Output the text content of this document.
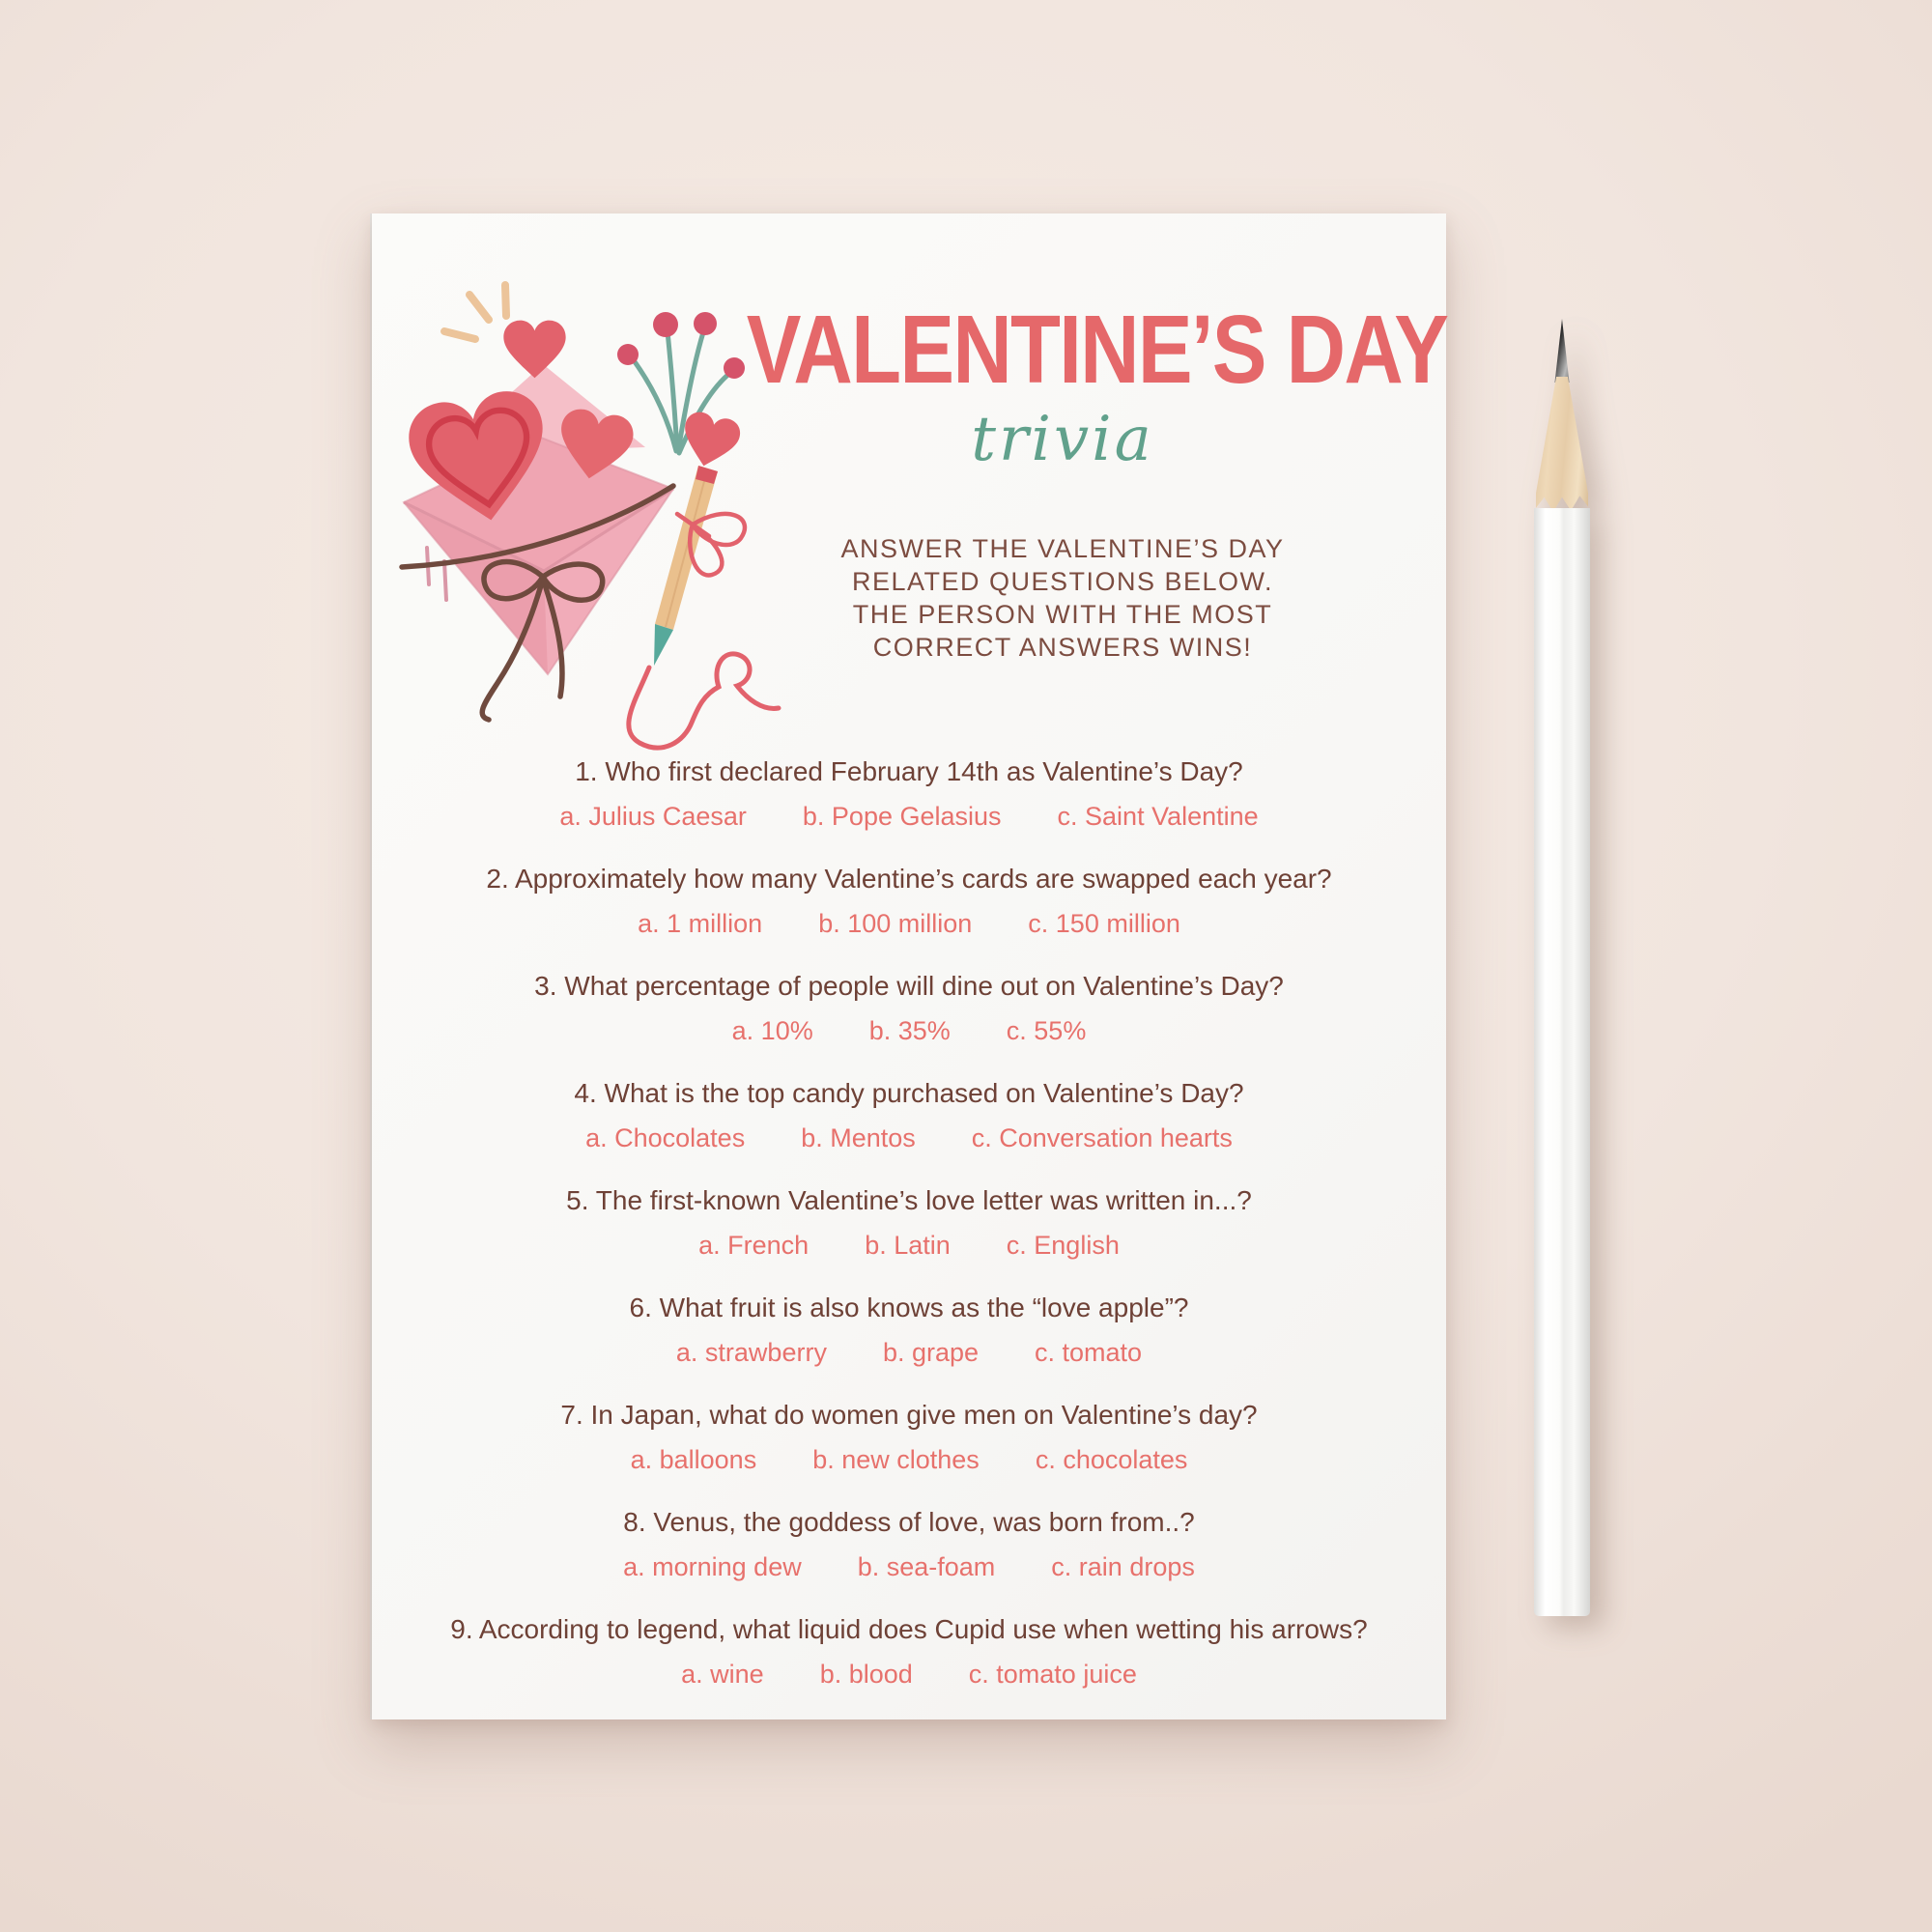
VALENTINE’S DAY
trivia
ANSWER THE VALENTINE’S DAY
RELATED QUESTIONS BELOW.
THE PERSON WITH THE MOST
CORRECT ANSWERS WINS!
1. Who first declared February 14th as Valentine’s Day?
a. Julius Caesar b. Pope Gelasius c. Saint Valentine
2. Approximately how many Valentine’s cards are swapped each year?
a. 1 million b. 100 million c. 150 million
3. What percentage of people will dine out on Valentine’s Day?
a. 10% b. 35% c. 55%
4. What is the top candy purchased on Valentine’s Day?
a. Chocolates b. Mentos c. Conversation hearts
5. The first-known Valentine’s love letter was written in...?
a. French b. Latin c. English
6. What fruit is also knows as the “love apple”?
a. strawberry b. grape c. tomato
7. In Japan, what do women give men on Valentine’s day?
a. balloons b. new clothes c. chocolates
8. Venus, the goddess of love, was born from..?
a. morning dew b. sea-foam c. rain drops
9. According to legend, what liquid does Cupid use when wetting his arrows?
a. wine b. blood c. tomato juice
